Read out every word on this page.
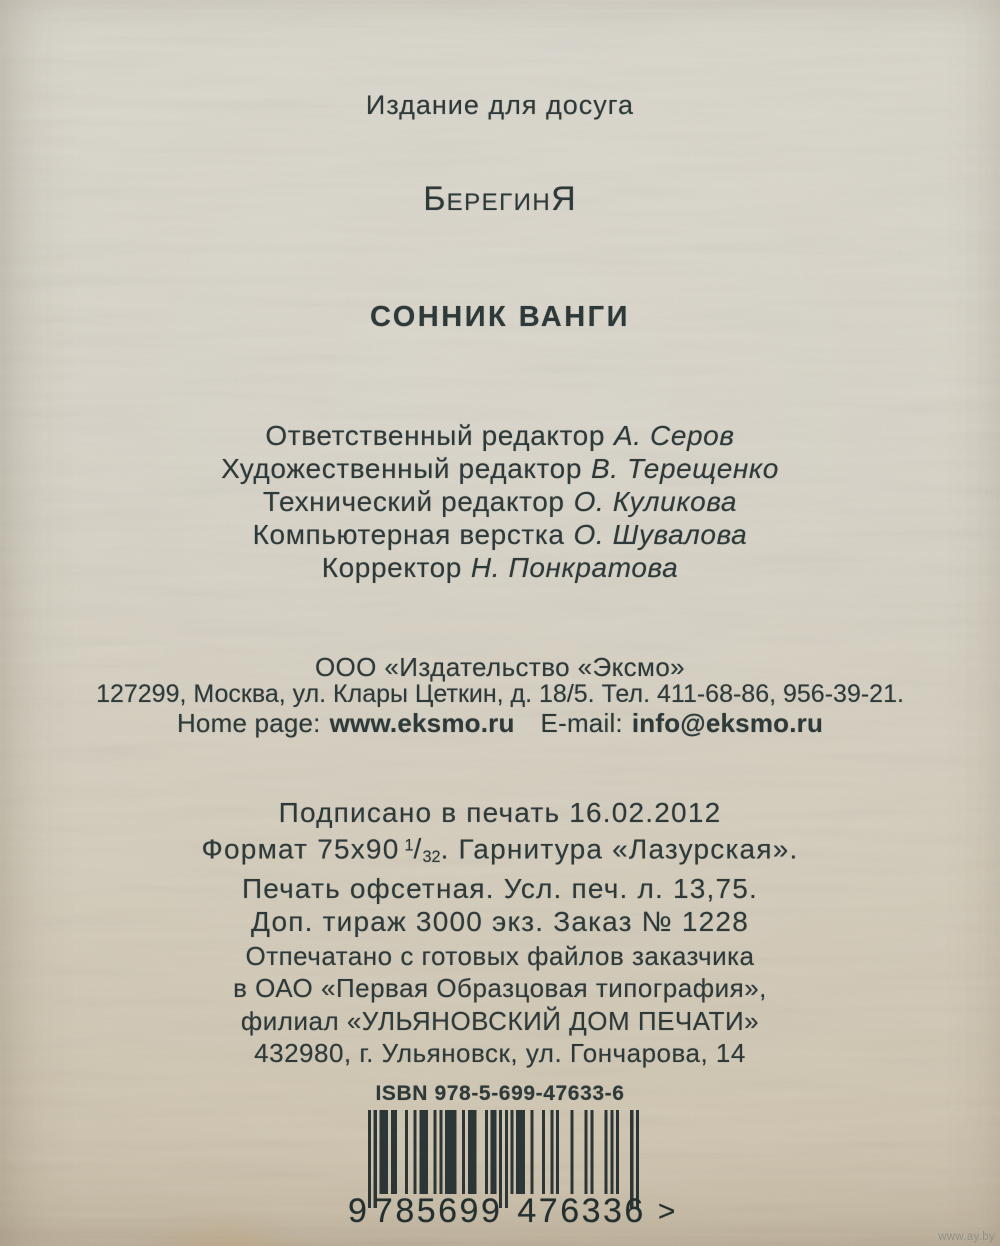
Издание для досуга
БЕРЕГИНЯ
СОННИК ВАНГИ
Ответственный редактор А. Серов
Художественный редактор В. Терещенко
Технический редактор О. Куликова
Компьютерная верстка О. Шувалова
Корректор Н. Понкратова
ООО «Издательство «Эксмо»
127299, Москва, ул. Клары Цеткин, д. 18/5. Тел. 411-68-86, 956-39-21.
Home page: www.eksmo.ru E-mail: info@eksmo.ru
Подписано в печать 16.02.2012
Формат 75х90 $^1/_{32}$. Гарнитура «Лазурская».
Печать офсетная. Усл. печ. л. 13,75.
Доп. тираж 3000 экз. Заказ № 1228
Отпечатано с готовых файлов заказчика
в ОАО «Первая Образцовая типография»,
филиал «УЛЬЯНОВСКИЙ ДОМ ПЕЧАТИ»
432980, г. Ульяновск, ул. Гончарова, 14
ISBN 978-5-699-47633-6
9 785699 476336 >
www.ay.by
